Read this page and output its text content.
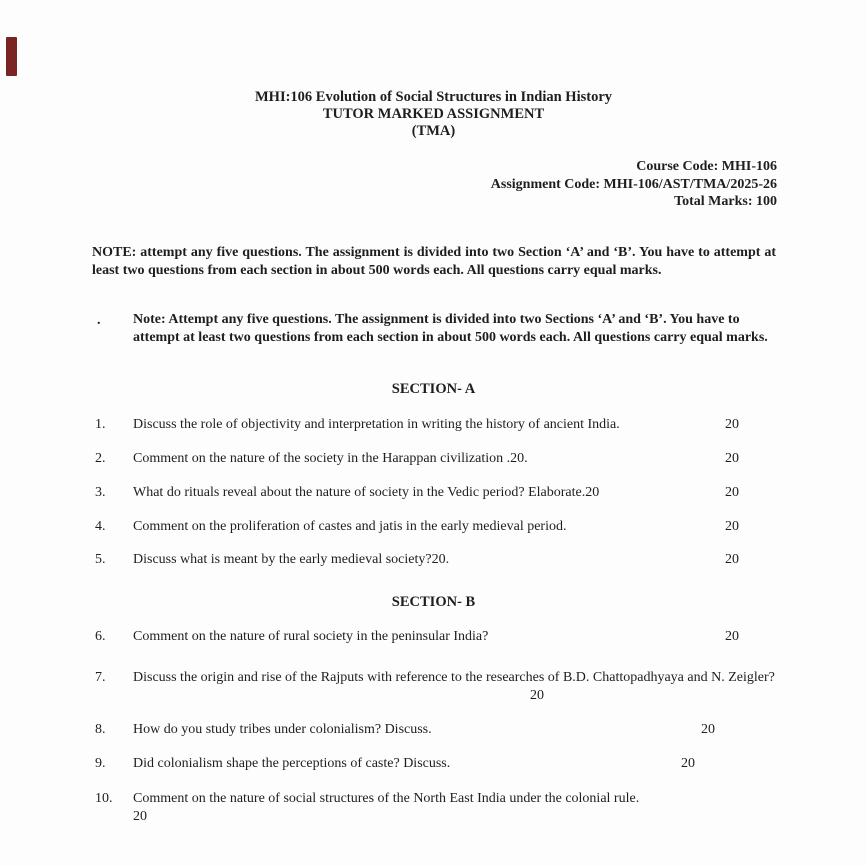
MHI:106 Evolution of Social Structures in Indian History
TUTOR MARKED ASSIGNMENT
(TMA)
Course Code: MHI-106
Assignment Code: MHI-106/AST/TMA/2025-26
Total Marks: 100
NOTE: attempt any five questions. The assignment is divided into two Section ‘A’ and ‘B’. You have to attempt at least two questions from each section in about 500 words each. All questions carry equal marks.
. Note: Attempt any five questions. The assignment is divided into two Sections ‘A’ and ‘B’. You have to attempt at least two questions from each section in about 500 words each. All questions carry equal marks.
SECTION- A
1. Discuss the role of objectivity and interpretation in writing the history of ancient India.	20
2. Comment on the nature of the society in the Harappan civilization .20.	20
3. What do rituals reveal about the nature of society in the Vedic period? Elaborate.20	20
4. Comment on the proliferation of castes and jatis in the early medieval period.	20
5. Discuss what is meant by the early medieval society?20.	20
SECTION- B
6. Comment on the nature of rural society in the peninsular India?	20
7. Discuss the origin and rise of the Rajputs with reference to the researches of B.D. Chattopadhyaya and N. Zeigler?
20
8. How do you study tribes under colonialism? Discuss.	20
9. Did colonialism shape the perceptions of caste? Discuss.	20
10. Comment on the nature of social structures of the North East India under the colonial rule.
20
